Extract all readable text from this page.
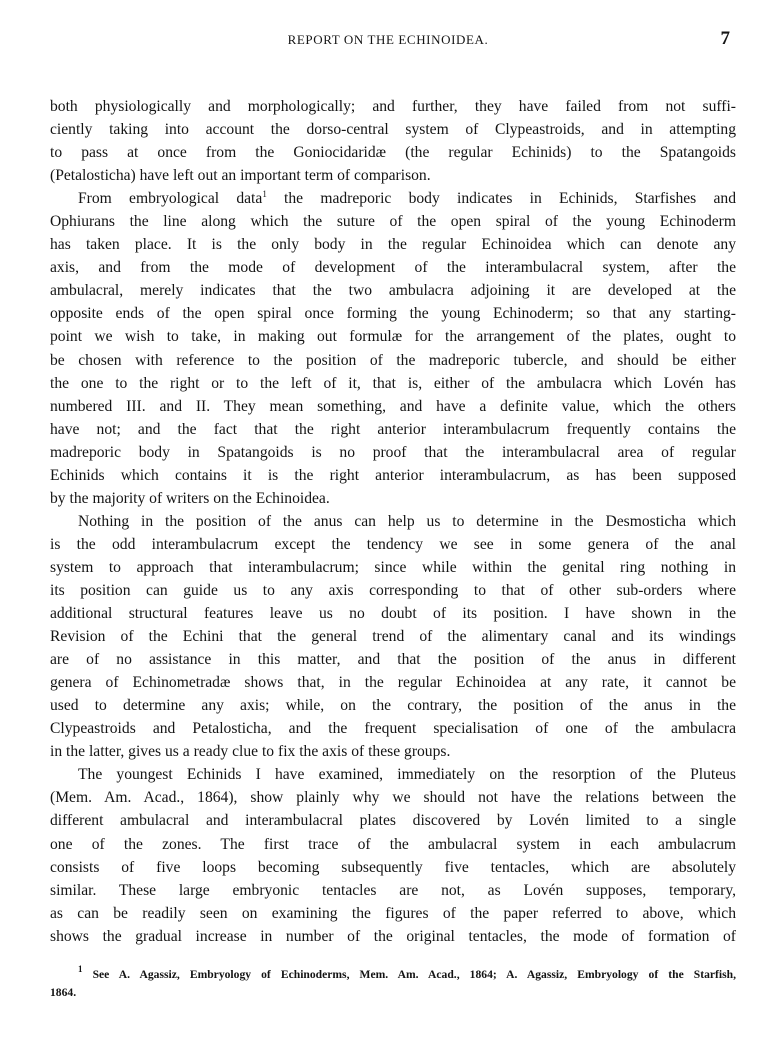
REPORT ON THE ECHINOIDEA.	7
both physiologically and morphologically; and further, they have failed from not suffi-
ciently taking into account the dorso-central system of Clypeastroids, and in attempting
to pass at once from the Goniocidaridæ (the regular Echinids) to the Spatangoids
(Petalosticha) have left out an important term of comparison.
From embryological data$^1$ the madreporic body indicates in Echinids, Starfishes and
Ophiurans the line along which the suture of the open spiral of the young Echinoderm
has taken place. It is the only body in the regular Echinoidea which can denote any
axis, and from the mode of development of the interambulacral system, after the
ambulacral, merely indicates that the two ambulacra adjoining it are developed at the
opposite ends of the open spiral once forming the young Echinoderm; so that any starting-
point we wish to take, in making out formulæ for the arrangement of the plates, ought to
be chosen with reference to the position of the madreporic tubercle, and should be either
the one to the right or to the left of it, that is, either of the ambulacra which Lovén has
numbered III. and II. They mean something, and have a definite value, which the others
have not; and the fact that the right anterior interambulacrum frequently contains the
madreporic body in Spatangoids is no proof that the interambulacral area of regular
Echinids which contains it is the right anterior interambulacrum, as has been supposed
by the majority of writers on the Echinoidea.
Nothing in the position of the anus can help us to determine in the Desmosticha which
is the odd interambulacrum except the tendency we see in some genera of the anal
system to approach that interambulacrum; since while within the genital ring nothing in
its position can guide us to any axis corresponding to that of other sub-orders where
additional structural features leave us no doubt of its position. I have shown in the
Revision of the Echini that the general trend of the alimentary canal and its windings
are of no assistance in this matter, and that the position of the anus in different
genera of Echinometradæ shows that, in the regular Echinoidea at any rate, it cannot be
used to determine any axis; while, on the contrary, the position of the anus in the
Clypeastroids and Petalosticha, and the frequent specialisation of one of the ambulacra
in the latter, gives us a ready clue to fix the axis of these groups.
The youngest Echinids I have examined, immediately on the resorption of the Pluteus
(Mem. Am. Acad., 1864), show plainly why we should not have the relations between the
different ambulacral and interambulacral plates discovered by Lovén limited to a single
one of the zones. The first trace of the ambulacral system in each ambulacrum
consists of five loops becoming subsequently five tentacles, which are absolutely
similar. These large embryonic tentacles are not, as Lovén supposes, temporary,
as can be readily seen on examining the figures of the paper referred to above, which
shows the gradual increase in number of the original tentacles, the mode of formation of
$^1$ See A. Agassiz, Embryology of Echinoderms, Mem. Am. Acad., 1864; A. Agassiz, Embryology of the Starfish,
1864.
